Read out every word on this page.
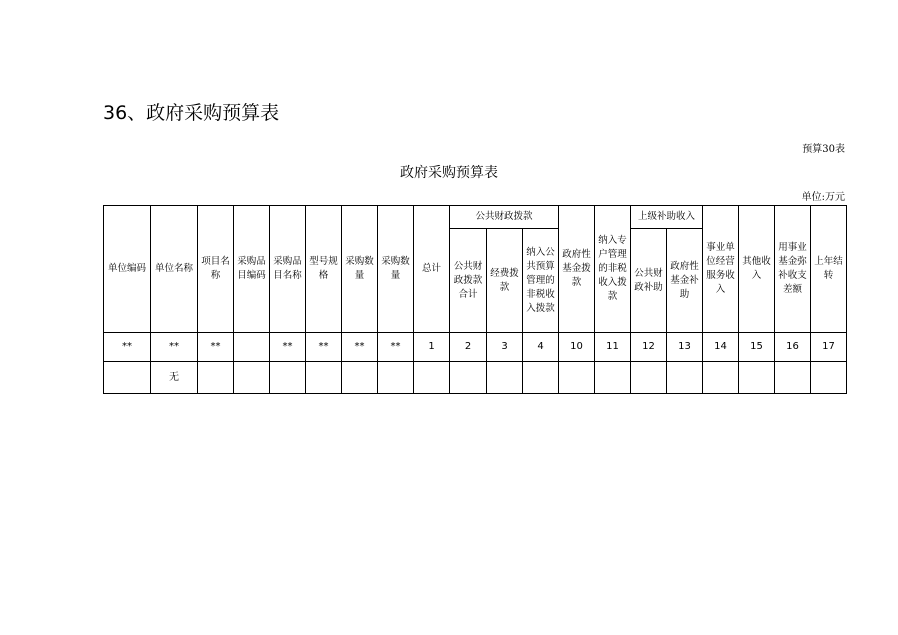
36、政府采购预算表
预算30表
政府采购预算表
单位:万元
单位编码	单位名称	项目名称	采购品目编码	采购品目名称	型号规格	采购数量	采购数量	总计	公共财政拨款			政府性基金拨款	纳入专户管理的非税收入拨款	上级补助收入		事业单位经营服务收入	其他收入	用事业基金弥补收支差额	上年结转
									公共财政拨款合计	经费拨款	纳入公共预算管理的非税收入拨款								
														公共财政补助	政府性基金补助				
**	**	**		**	**	**	**	1	2	3	4	10	11	12	13	14	15	16	17
	无																		
